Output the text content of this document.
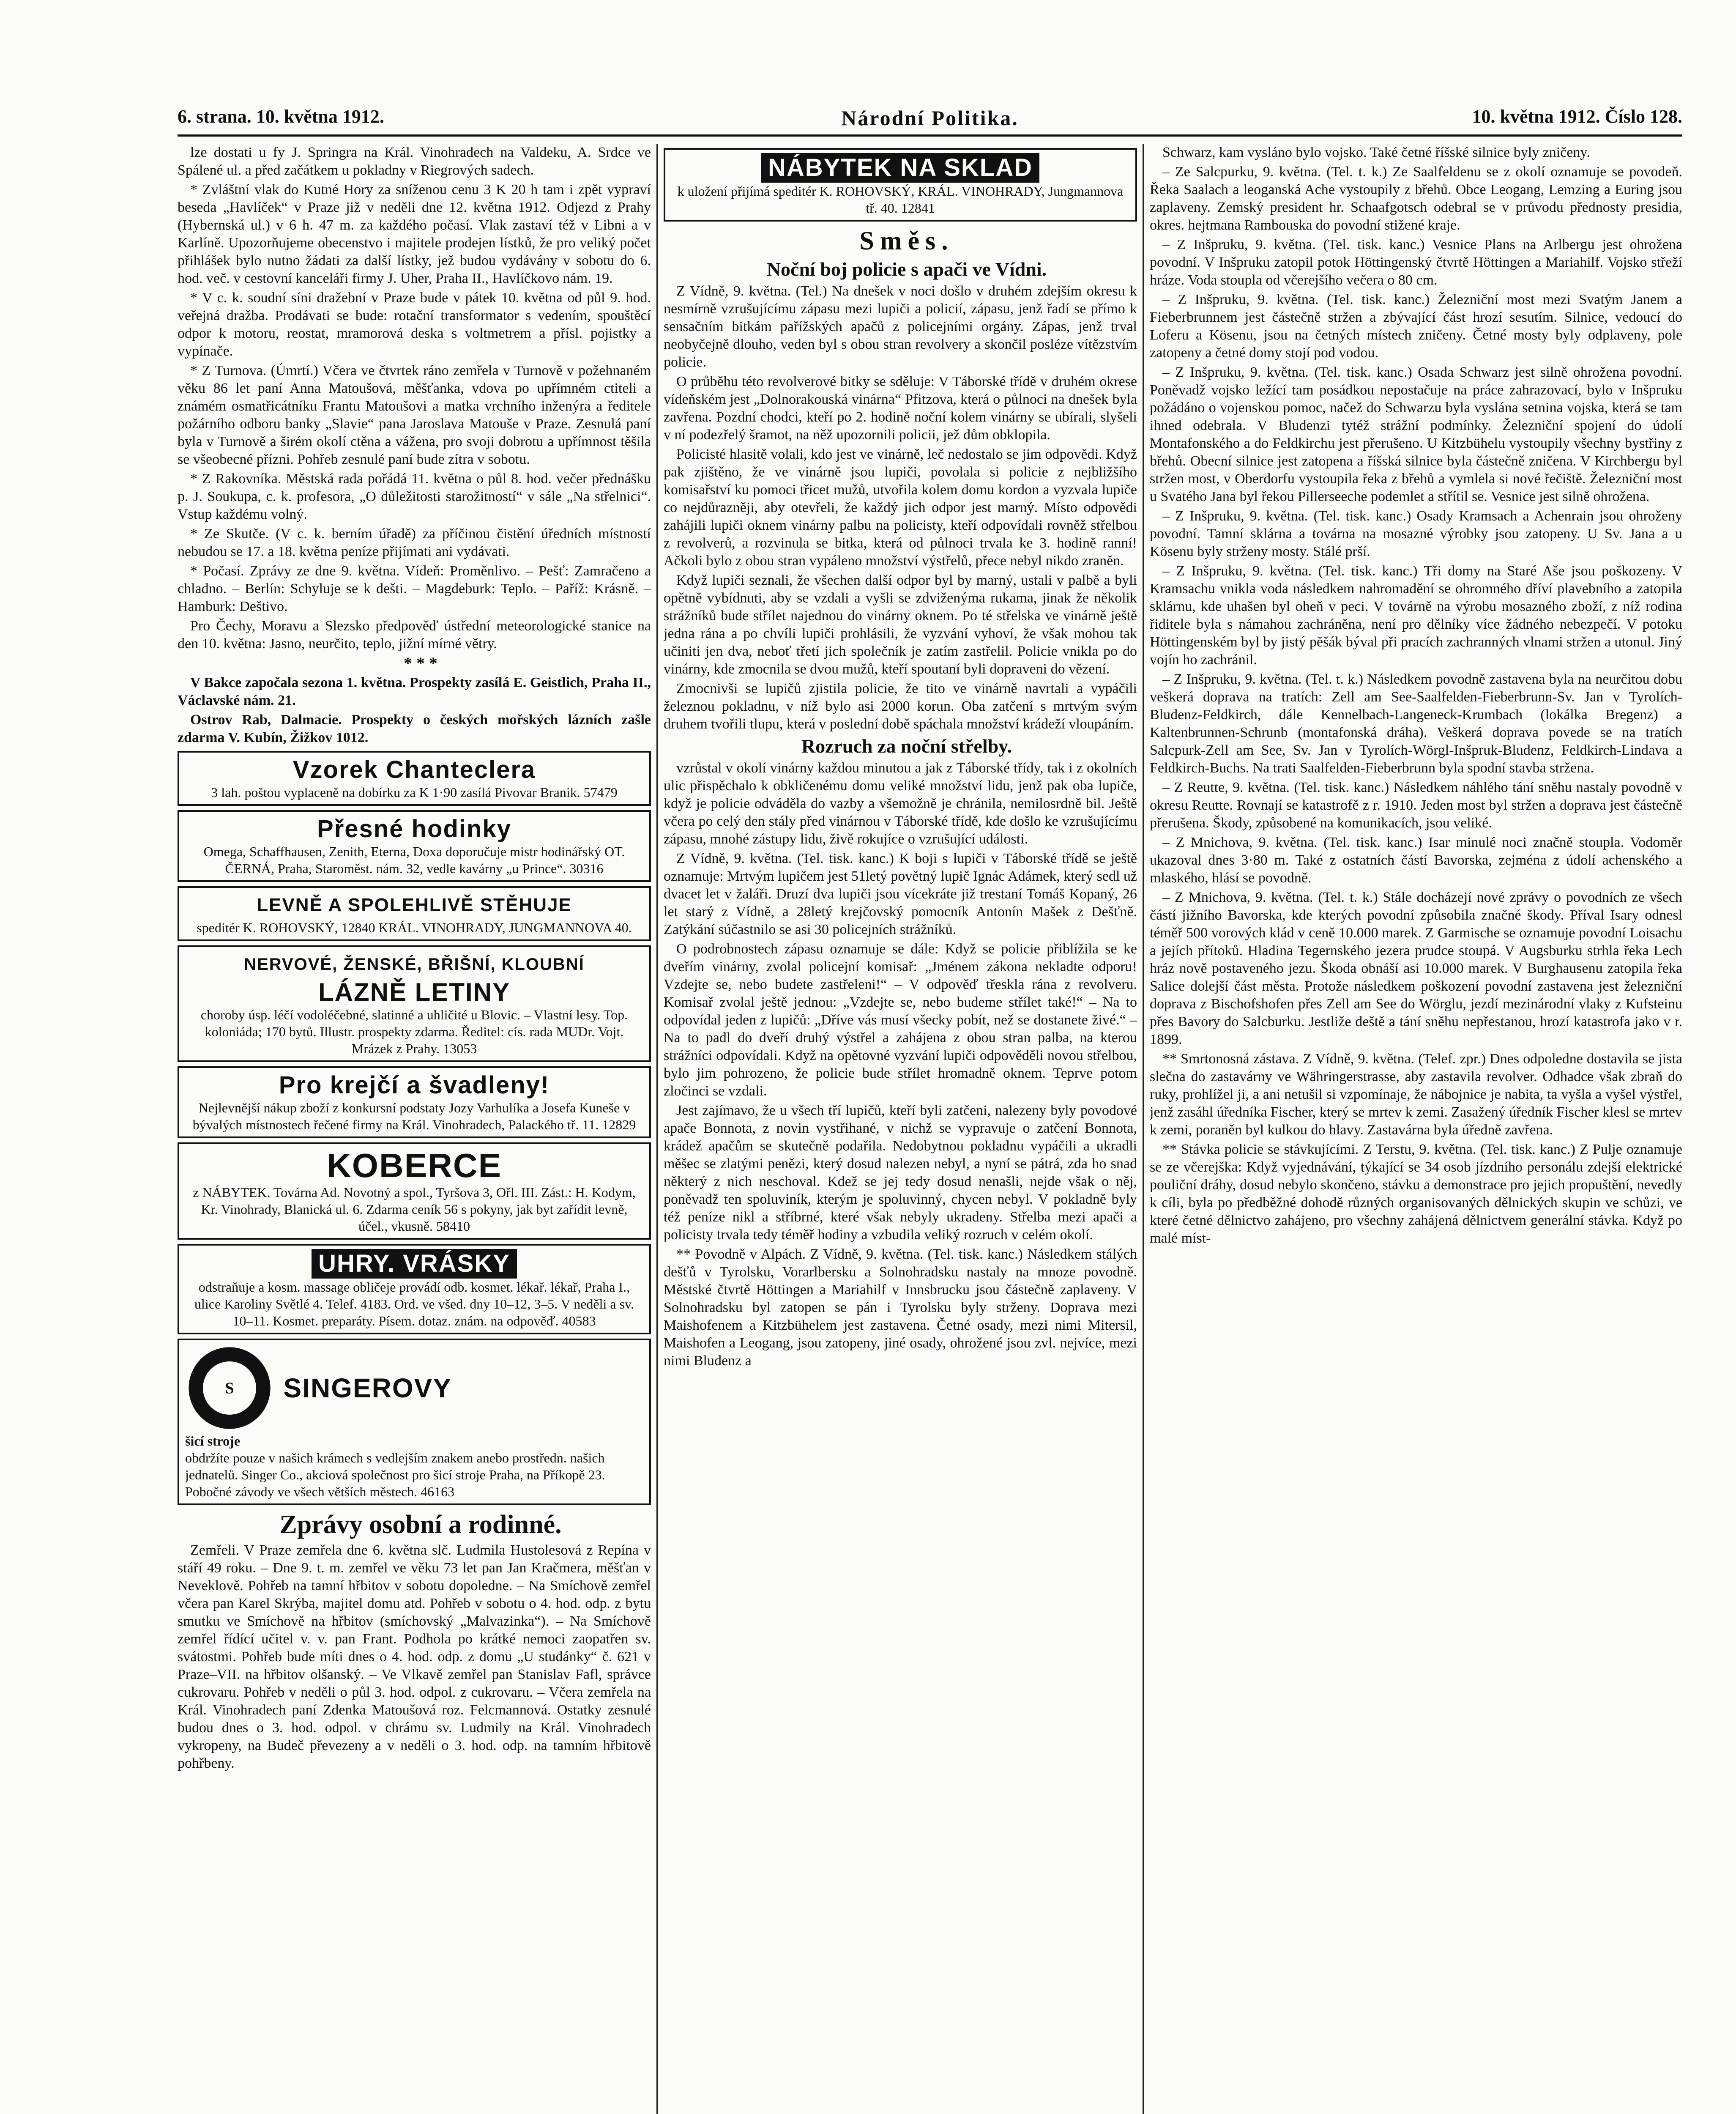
6. strana. 10. května 1912.	Národní Politika.	10. května 1912. Číslo 128.

lze dostati u fy J. Springra na Král. Vinohradech na Valdeku, A. Srdce ve Spálené ul. a před začátkem u pokladny v Riegrových sadech.

* Zvláštní vlak do Kutné Hory za sníženou cenu 3 K 20 h tam i zpět vypraví beseda „Havlíček“ v Praze již v neděli dne 12. května 1912. Odjezd z Prahy (Hybernská ul.) v 6 h. 47 m. za každého počasí. Vlak zastaví též v Libni a v Karlíně. Upozorňujeme obecenstvo i majitele prodejen lístků, že pro veliký počet přihlášek bylo nutno žádati za další lístky, jež budou vydávány v sobotu do 6. hod. več. v cestovní kanceláři firmy J. Uher, Praha II., Havlíčkovo nám. 19.

* V c. k. soudní síni dražební v Praze bude v pátek 10. května od půl 9. hod. veřejná dražba. Prodávati se bude: rotační transformator s vedením, spouštěcí odpor k motoru, reostat, mramorová deska s voltmetrem a přísl. pojistky a vypínače.

* Z Turnova. (Úmrtí.) Včera ve čtvrtek ráno zemřela v Turnově v požehnaném věku 86 let paní Anna Matoušová, měšťanka, vdova po upřímném ctiteli a známém osmatřicátníku Frantu Matoušovi a matka vrchního inženýra a ředitele požárního odboru banky „Slavie“ pana Jaroslava Matouše v Praze. Zesnulá paní byla v Turnově a širém okolí ctěna a vážena, pro svoji dobrotu a upřímnost těšila se všeobecné přízni. Pohřeb zesnulé paní bude zítra v sobotu.

* Z Rakovníka. Městská rada pořádá 11. května o půl 8. hod. večer přednášku p. J. Soukupa, c. k. profesora, „O důležitosti starožitností“ v sále „Na střelnici“. Vstup každému volný.

* Ze Skutče. (V c. k. berním úřadě) za příčinou čistění úředních místností nebudou se 17. a 18. května peníze přijímati ani vydávati.

* Počasí. Zprávy ze dne 9. května. Vídeň: Proměnlivo. – Pešť: Zamračeno a chladno. – Berlín: Schyluje se k dešti. – Magdeburk: Teplo. – Paříž: Krásně. – Hamburk: Deštivo.

Pro Čechy, Moravu a Slezsko předpověď ústřední meteorologické stanice na den 10. května: Jasno, neurčito, teplo, jižní mírné větry.

* * *

V Bakce započala sezona 1. května. Prospekty zasílá E. Geistlich, Praha II., Václavské nám. 21.

Ostrov Rab, Dalmacie. Prospekty o českých mořských lázních zašle zdarma V. Kubín, Žižkov 1012.

Vzorek Chanteclera
3 lah. poštou vyplaceně na dobírku za K 1·90 zasílá Pivovar Branik. 57479
Přesné hodinky
Omega, Schaffhausen, Zenith, Eterna, Doxa doporučuje mistr hodinářský OT. ČERNÁ, Praha, Staroměst. nám. 32, vedle kavárny „u Prince“. 30316
LEVNĚ A SPOLEHLIVĚ STĚHUJE
speditér K. ROHOVSKÝ, 12840 KRÁL. VINOHRADY, JUNGMANNOVA 40.
NERVOVÉ, ŽENSKÉ, BŘIŠNÍ, KLOUBNÍ
LÁZNĚ LETINY
choroby úsp. léčí vodoléčebné, slatinné a uhličité u Blovic. – Vlastní lesy. Top. koloniáda; 170 bytů. Illustr. prospekty zdarma. Ředitel: cís. rada MUDr. Vojt. Mrázek z Prahy. 13053
Pro krejčí a švadleny!
Nejlevnější nákup zboží z konkursní podstaty Jozy Varhulíka a Josefa Kuneše v bývalých místnostech řečené firmy na Král. Vinohradech, Palackého tř. 11. 12829
KOBERCE
z NÁBYTEK. Továrna Ad. Novotný a spol., Tyršova 3, Ořl. III. Zást.: H. Kodym, Kr. Vinohrady, Blanická ul. 6. Zdarma ceník 56 s pokyny, jak byt zařídit levně, účel., vkusně. 58410
UHRY. VRÁSKY
odstraňuje a kosm. massage obličeje provádí odb. kosmet. lékař. lékař, Praha I., ulice Karoliny Světlé 4. Telef. 4183. Ord. ve všed. dny 10–12, 3–5. V neděli a sv. 10–11. Kosmet. preparáty. Písem. dotaz. znám. na odpověď. 40583
S SINGEROVY
šicí stroje
obdržíte pouze v našich krámech s vedlejším znakem anebo prostředn. našich jednatelů. Singer Co., akciová společnost pro šicí stroje Praha, na Příkopě 23. Pobočné závody ve všech větších městech. 46163

Zprávy osobní a rodinné.

Zemřeli. V Praze zemřela dne 6. května slč. Ludmila Hustolesová z Repína v stáří 49 roku. – Dne 9. t. m. zemřel ve věku 73 let pan Jan Kračmera, měšťan v Neveklově. Pohřeb na tamní hřbitov v sobotu dopoledne. – Na Smíchově zemřel včera pan Karel Skrýba, majitel domu atd. Pohřeb v sobotu o 4. hod. odp. z bytu smutku ve Smíchově na hřbitov (smíchovský „Malvazinka“). – Na Smíchově zemřel řídící učitel v. v. pan Frant. Podhola po krátké nemoci zaopatřen sv. svátostmi. Pohřeb bude míti dnes o 4. hod. odp. z domu „U studánky“ č. 621 v Praze–VII. na hřbitov olšanský. – Ve Vlkavě zemřel pan Stanislav Fafl, správce cukrovaru. Pohřeb v neděli o půl 3. hod. odpol. z cukrovaru. – Včera zemřela na Král. Vinohradech paní Zdenka Matoušová roz. Felcmannová. Ostatky zesnulé budou dnes o 3. hod. odpol. v chrámu sv. Ludmily na Král. Vinohradech vykropeny, na Budeč převezeny a v neděli o 3. hod. odp. na tamním hřbitově pohřbeny.

NÁBYTEK NA SKLAD
k uložení přijímá speditér K. ROHOVSKÝ, KRÁL. VINOHRADY, Jungmannova tř. 40. 12841

Směs.

Noční boj policie s apači ve Vídni.

Z Vídně, 9. května. (Tel.) Na dnešek v noci došlo v druhém zdejším okresu k nesmírně vzrušujícímu zápasu mezi lupiči a policií, zápasu, jenž řadí se přímo k sensačním bitkám pařížských apačů z policejními orgány. Zápas, jenž trval neobyčejně dlouho, veden byl s obou stran revolvery a skončil posléze vítězstvím policie.

O průběhu této revolverové bitky se sděluje: V Táborské třídě v druhém okrese vídeňském jest „Dolnorakouská vinárna“ Pfitzova, která o půlnoci na dnešek byla zavřena. Pozdní chodci, kteří po 2. hodině noční kolem vinárny se ubírali, slyšeli v ní podezřelý šramot, na něž upozornili policii, jež dům obklopila.

Policisté hlasitě volali, kdo jest ve vinárně, leč nedostalo se jim odpovědi. Když pak zjištěno, že ve vinárně jsou lupiči, povolala si policie z nejbližšího komisařství ku pomoci třicet mužů, utvořila kolem domu kordon a vyzvala lupiče co nejdůrazněji, aby otevřeli, že každý jich odpor jest marný. Místo odpovědi zahájili lupiči oknem vinárny palbu na policisty, kteří odpovídali rovněž střelbou z revolverů, a rozvinula se bitka, která od půlnoci trvala ke 3. hodině ranní! Ačkoli bylo z obou stran vypáleno množství výstřelů, přece nebyl nikdo zraněn.

Když lupiči seznali, že všechen další odpor byl by marný, ustali v palbě a byli opětně vybídnuti, aby se vzdali a vyšli se zdviženýma rukama, jinak že několik strážníků bude střílet najednou do vinárny oknem. Po té střelska ve vinárně ještě jedna rána a po chvíli lupiči prohlásili, že vyzvání vyhoví, že však mohou tak učiniti jen dva, neboť třetí jich společník je zatím zastřelil. Policie vnikla po do vinárny, kde zmocnila se dvou mužů, kteří spoutaní byli dopraveni do vězení.

Zmocnivši se lupičů zjistila policie, že tito ve vinárně navrtali a vypáčili železnou pokladnu, v níž bylo asi 2000 korun. Oba zatčení s mrtvým svým druhem tvořili tlupu, která v poslední době spáchala množství krádeží vloupáním.

Rozruch za noční střelby.

vzrůstal v okolí vinárny každou minutou a jak z Táborské třídy, tak i z okolních ulic přispěchalo k obkličenému domu veliké množství lidu, jenž pak oba lupiče, když je policie odváděla do vazby a všemožně je chránila, nemilosrdně bil. Ještě včera po celý den stály před vinárnou v Táborské třídě, kde došlo ke vzrušujícímu zápasu, mnohé zástupy lidu, živě rokujíce o vzrušující události.

Z Vídně, 9. května. (Tel. tisk. kanc.) K boji s lupiči v Táborské třídě se ještě oznamuje: Mrtvým lupičem jest 51letý povětný lupič Ignác Adámek, který sedl už dvacet let v žaláři. Druzí dva lupiči jsou vícekráte již trestaní Tomáš Kopaný, 26 let starý z Vídně, a 28letý krejčovský pomocník Antonín Mašek z Dešťně. Zatýkání súčastnilo se asi 30 policejních strážníků.

O podrobnostech zápasu oznamuje se dále: Když se policie přiblížila se ke dveřím vinárny, zvolal policejní komisař: „Jménem zákona nekladte odporu! Vzdejte se, nebo budete zastřeleni!“ – V odpověď třeskla rána z revolveru. Komisař zvolal ještě jednou: „Vzdejte se, nebo budeme střílet také!“ – Na to odpovídal jeden z lupičů: „Dříve vás musí všecky pobít, než se dostanete živé.“ – Na to padl do dveří druhý výstřel a zahájena z obou stran palba, na kterou strážníci odpovídali. Když na opětovné vyzvání lupiči odpověděli novou střelbou, bylo jim pohrozeno, že policie bude střílet hromadně oknem. Teprve potom zločinci se vzdali.

Jest zajímavo, že u všech tří lupičů, kteří byli zatčeni, nalezeny byly povodové apače Bonnota, z novin vystřihané, v nichž se vypravuje o zatčení Bonnota, krádež apačům se skutečně podařila. Nedobytnou pokladnu vypáčili a ukradli měšec se zlatými penězi, který dosud nalezen nebyl, a nyní se pátrá, zda ho snad některý z nich neschoval. Kdež se jej tedy dosud nenašli, nejde však o něj, poněvadž ten spoluviník, kterým je spoluvinný, chycen nebyl. V pokladně byly též peníze nikl a stříbrné, které však nebyly ukradeny. Střelba mezi apači a policisty trvala tedy téměř hodiny a vzbudila veliký rozruch v celém okolí.

** Povodně v Alpách. Z Vídně, 9. května. (Tel. tisk. kanc.) Následkem stálých dešťů v Tyrolsku, Vorarlbersku a Solnohradsku nastaly na mnoze povodně. Městské čtvrtě Höttingen a Mariahilf v Innsbrucku jsou částečně zaplaveny. V Solnohradsku byl zatopen se pán i Tyrolsku byly strženy. Doprava mezi Maishofenem a Kitzbühelem jest zastavena. Četné osady, mezi nimi Mitersil, Maishofen a Leogang, jsou zatopeny, jiné osady, ohrožené jsou zvl. nejvíce, mezi nimi Bludenz a

Schwarz, kam vysláno bylo vojsko. Také četné říšské silnice byly zničeny.

– Ze Salcpurku, 9. května. (Tel. t. k.) Ze Saalfeldenu se z okolí oznamuje se povodeň. Řeka Saalach a leoganská Ache vystoupily z břehů. Obce Leogang, Lemzing a Euring jsou zaplaveny. Zemský president hr. Schaafgotsch odebral se v průvodu přednosty presidia, okres. hejtmana Rambouska do povodní stižené kraje.

– Z Inšpruku, 9. května. (Tel. tisk. kanc.) Vesnice Plans na Arlbergu jest ohrožena povodní. V Inšpruku zatopil potok Höttingenský čtvrtě Höttingen a Mariahilf. Vojsko střeží hráze. Voda stoupla od včerejšího večera o 80 cm.

– Z Inšpruku, 9. května. (Tel. tisk. kanc.) Železniční most mezi Svatým Janem a Fieberbrunnem jest částečně stržen a zbývající část hrozí sesutím. Silnice, vedoucí do Loferu a Kösenu, jsou na četných místech zničeny. Četné mosty byly odplaveny, pole zatopeny a četné domy stojí pod vodou.

– Z Inšpruku, 9. května. (Tel. tisk. kanc.) Osada Schwarz jest silně ohrožena povodní. Poněvadž vojsko ležící tam posádkou nepostačuje na práce zahrazovací, bylo v Inšpruku požádáno o vojenskou pomoc, načež do Schwarzu byla vyslána setnina vojska, která se tam ihned odebrala. V Bludenzi tytéž strážní podmínky. Železniční spojení do údolí Montafonského a do Feldkirchu jest přerušeno. U Kitzbühelu vystoupily všechny bystřiny z břehů. Obecní silnice jest zatopena a říšská silnice byla částečně zničena. V Kirchbergu byl stržen most, v Oberdorfu vystoupila řeka z břehů a vymlela si nové řečiště. Železniční most u Svatého Jana byl řekou Pillerseeche podemlet a střítil se. Vesnice jest silně ohrožena.

– Z Inšpruku, 9. května. (Tel. tisk. kanc.) Osady Kramsach a Achenrain jsou ohroženy povodní. Tamní sklárna a továrna na mosazné výrobky jsou zatopeny. U Sv. Jana a u Kösenu byly strženy mosty. Stálé prší.

– Z Inšpruku, 9. května. (Tel. tisk. kanc.) Tři domy na Staré Aše jsou poškozeny. V Kramsachu vnikla voda následkem nahromadění se ohromného dříví plavebního a zatopila sklárnu, kde uhašen byl oheň v peci. V továrně na výrobu mosazného zboží, z níž rodina řiditele byla s námahou zachráněna, není pro dělníky více žádného nebezpečí. V potoku Höttingenském byl by jistý pěšák býval při pracích zachranných vlnami stržen a utonul. Jiný vojín ho zachránil.

– Z Inšpruku, 9. května. (Tel. t. k.) Následkem povodně zastavena byla na neurčitou dobu veškerá doprava na tratích: Zell am See-Saalfelden-Fieberbrunn-Sv. Jan v Tyrolích-Bludenz-Feldkirch, dále Kennelbach-Langeneck-Krumbach (lokálka Bregenz) a Kaltenbrunnen-Schrunb (montafonská dráha). Veškerá doprava povede se na tratích Salcpurk-Zell am See, Sv. Jan v Tyrolích-Wörgl-Inšpruk-Bludenz, Feldkirch-Lindava a Feldkirch-Buchs. Na trati Saalfelden-Fieberbrunn byla spodní stavba stržena.

– Z Reutte, 9. května. (Tel. tisk. kanc.) Následkem náhlého tání sněhu nastaly povodně v okresu Reutte. Rovnají se katastrofě z r. 1910. Jeden most byl stržen a doprava jest částečně přerušena. Škody, způsobené na komunikacích, jsou veliké.

– Z Mnichova, 9. května. (Tel. tisk. kanc.) Isar minulé noci značně stoupla. Vodoměr ukazoval dnes 3·80 m. Také z ostatních částí Bavorska, zejména z údolí achenského a mlaského, hlásí se povodně.

– Z Mnichova, 9. května. (Tel. t. k.) Stále docházejí nové zprávy o povodních ze všech částí jižního Bavorska, kde kterých povodní způsobila značné škody. Příval Isary odnesl téměř 500 vorových klád v ceně 10.000 marek. Z Garmische se oznamuje povodní Loisachu a jejích přítoků. Hladina Tegernského jezera prudce stoupá. V Augsburku strhla řeka Lech hráz nově postaveného jezu. Škoda obnáší asi 10.000 marek. V Burghausenu zatopila řeka Salice dolejší část města. Protože následkem poškození povodní zastavena jest železniční doprava z Bischofshofen přes Zell am See do Wörglu, jezdí mezinárodní vlaky z Kufsteinu přes Bavory do Salcburku. Jestliže deště a tání sněhu nepřestanou, hrozí katastrofa jako v r. 1899.

** Smrtonosná zástava. Z Vídně, 9. května. (Telef. zpr.) Dnes odpoledne dostavila se jista slečna do zastavárny ve Währingerstrasse, aby zastavila revolver. Odhadce však zbraň do ruky, prohlížel ji, a ani netušil si vzpomínaje, že nábojnice je nabita, ta vyšla a vyšel výstřel, jenž zasáhl úředníka Fischer, který se mrtev k zemi. Zasažený úředník Fischer klesl se mrtev k zemi, poraněn byl kulkou do hlavy. Zastavárna byla úředně zavřena.

** Stávka policie se stávkujícími. Z Terstu, 9. května. (Tel. tisk. kanc.) Z Pulje oznamuje se ze včerejška: Když vyjednávání, týkající se 34 osob jízdního personálu zdejší elektrické pouliční dráhy, dosud nebylo skončeno, stávku a demonstrace pro jejich propuštění, nevedly k cíli, byla po předběžné dohodě různých organisovaných dělnických skupin ve schůzi, ve které četné dělnictvo zahájeno, pro všechny zahájená dělnictvem generální stávka. Když po malé míst-
